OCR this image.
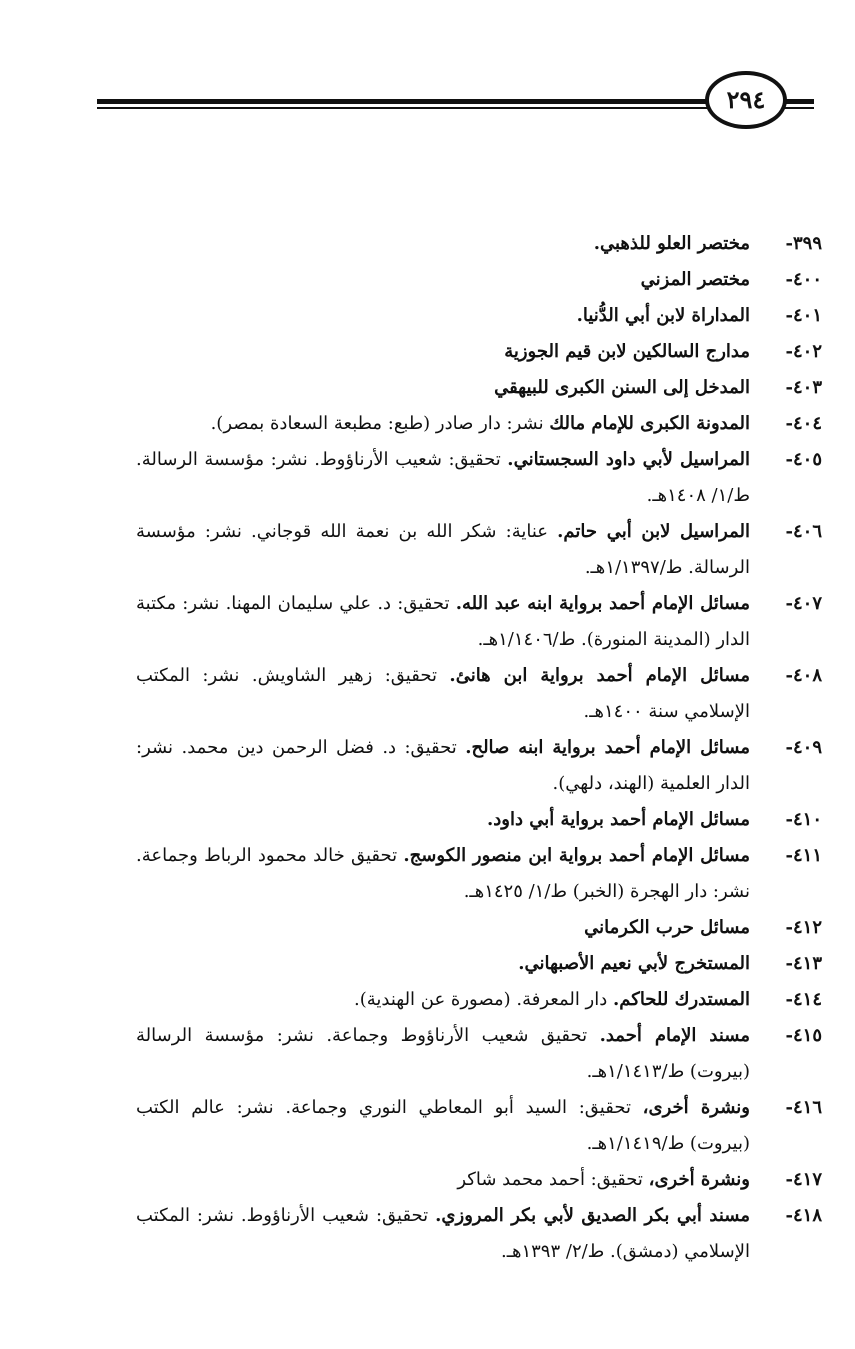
٢٩٤
٣٩٩-
مختصر العلو للذهبي.
٤٠٠-
مختصر المزني
٤٠١-
المداراة لابن أبي الدُّنيا.
٤٠٢-
مدارج السالكين لابن قيم الجوزية
٤٠٣-
المدخل إلى السنن الكبرى للبيهقي
٤٠٤-
المدونة الكبرى للإمام مالك نشر: دار صادر (طبع: مطبعة السعادة بمصر).
٤٠٥-
المراسيل لأبي داود السجستاني. تحقيق: شعيب الأرناؤوط. نشر: مؤسسة الرسالة. ط/١/ ١٤٠٨هـ.
٤٠٦-
المراسيل لابن أبي حاتم. عناية: شكر الله بن نعمة الله قوجاني. نشر: مؤسسة الرسالة. ط/١/١٣٩٧هـ.
٤٠٧-
مسائل الإمام أحمد برواية ابنه عبد الله. تحقيق: د. علي سليمان المهنا. نشر: مكتبة الدار (المدينة المنورة). ط/١/١٤٠٦هـ.
٤٠٨-
مسائل الإمام أحمد برواية ابن هانئ. تحقيق: زهير الشاويش. نشر: المكتب الإسلامي سنة ١٤٠٠هـ.
٤٠٩-
مسائل الإمام أحمد برواية ابنه صالح. تحقيق: د. فضل الرحمن دين محمد. نشر: الدار العلمية (الهند، دلهي).
٤١٠-
مسائل الإمام أحمد برواية أبي داود.
٤١١-
مسائل الإمام أحمد برواية ابن منصور الكوسج. تحقيق خالد محمود الرباط وجماعة. نشر: دار الهجرة (الخبر) ط/١/ ١٤٢٥هـ.
٤١٢-
مسائل حرب الكرماني
٤١٣-
المستخرج لأبي نعيم الأصبهاني.
٤١٤-
المستدرك للحاكم. دار المعرفة. (مصورة عن الهندية).
٤١٥-
مسند الإمام أحمد. تحقيق شعيب الأرناؤوط وجماعة. نشر: مؤسسة الرسالة (بيروت) ط/١/١٤١٣هـ.
٤١٦-
ونشرة أخرى، تحقيق: السيد أبو المعاطي النوري وجماعة. نشر: عالم الكتب (بيروت) ط/١/١٤١٩هـ.
٤١٧-
ونشرة أخرى، تحقيق: أحمد محمد شاكر
٤١٨-
مسند أبي بكر الصديق لأبي بكر المروزي. تحقيق: شعيب الأرناؤوط. نشر: المكتب الإسلامي (دمشق). ط/٢/ ١٣٩٣هـ.
